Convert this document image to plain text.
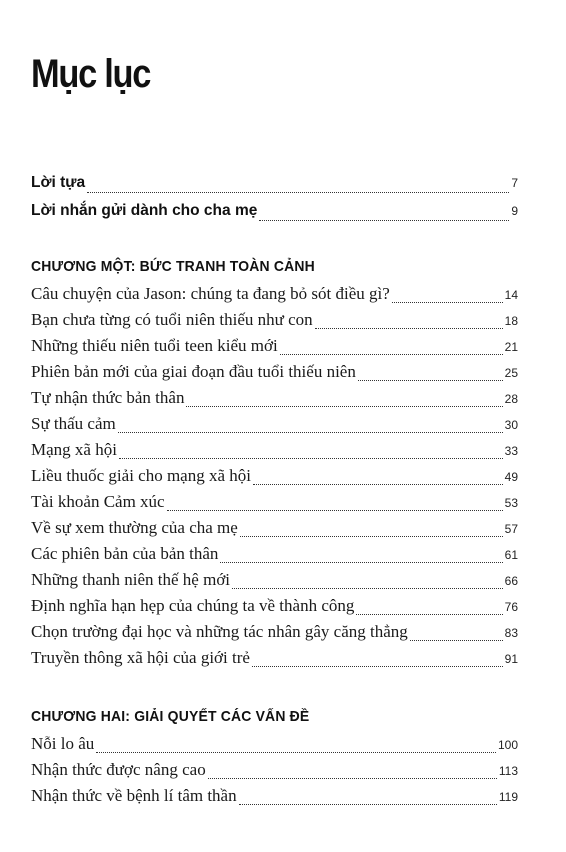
Mục lục
Lời tựa	7
Lời nhắn gửi dành cho cha mẹ	9
CHƯƠNG MỘT: BỨC TRANH TOÀN CẢNH
Câu chuyện của Jason: chúng ta đang bỏ sót điều gì?	14
Bạn chưa từng có tuổi niên thiếu như con	18
Những thiếu niên tuổi teen kiểu mới	21
Phiên bản mới của giai đoạn đầu tuổi thiếu niên	25
Tự nhận thức bản thân	28
Sự thấu cảm	30
Mạng xã hội	33
Liều thuốc giải cho mạng xã hội	49
Tài khoản Cảm xúc	53
Về sự xem thường của cha mẹ	57
Các phiên bản của bản thân	61
Những thanh niên thế hệ mới	66
Định nghĩa hạn hẹp của chúng ta về thành công	76
Chọn trường đại học và những tác nhân gây căng thẳng	83
Truyền thông xã hội của giới trẻ	91
CHƯƠNG HAI: GIẢI QUYẾT CÁC VẤN ĐỀ
Nỗi lo âu	100
Nhận thức được nâng cao	113
Nhận thức về bệnh lí tâm thần	119
